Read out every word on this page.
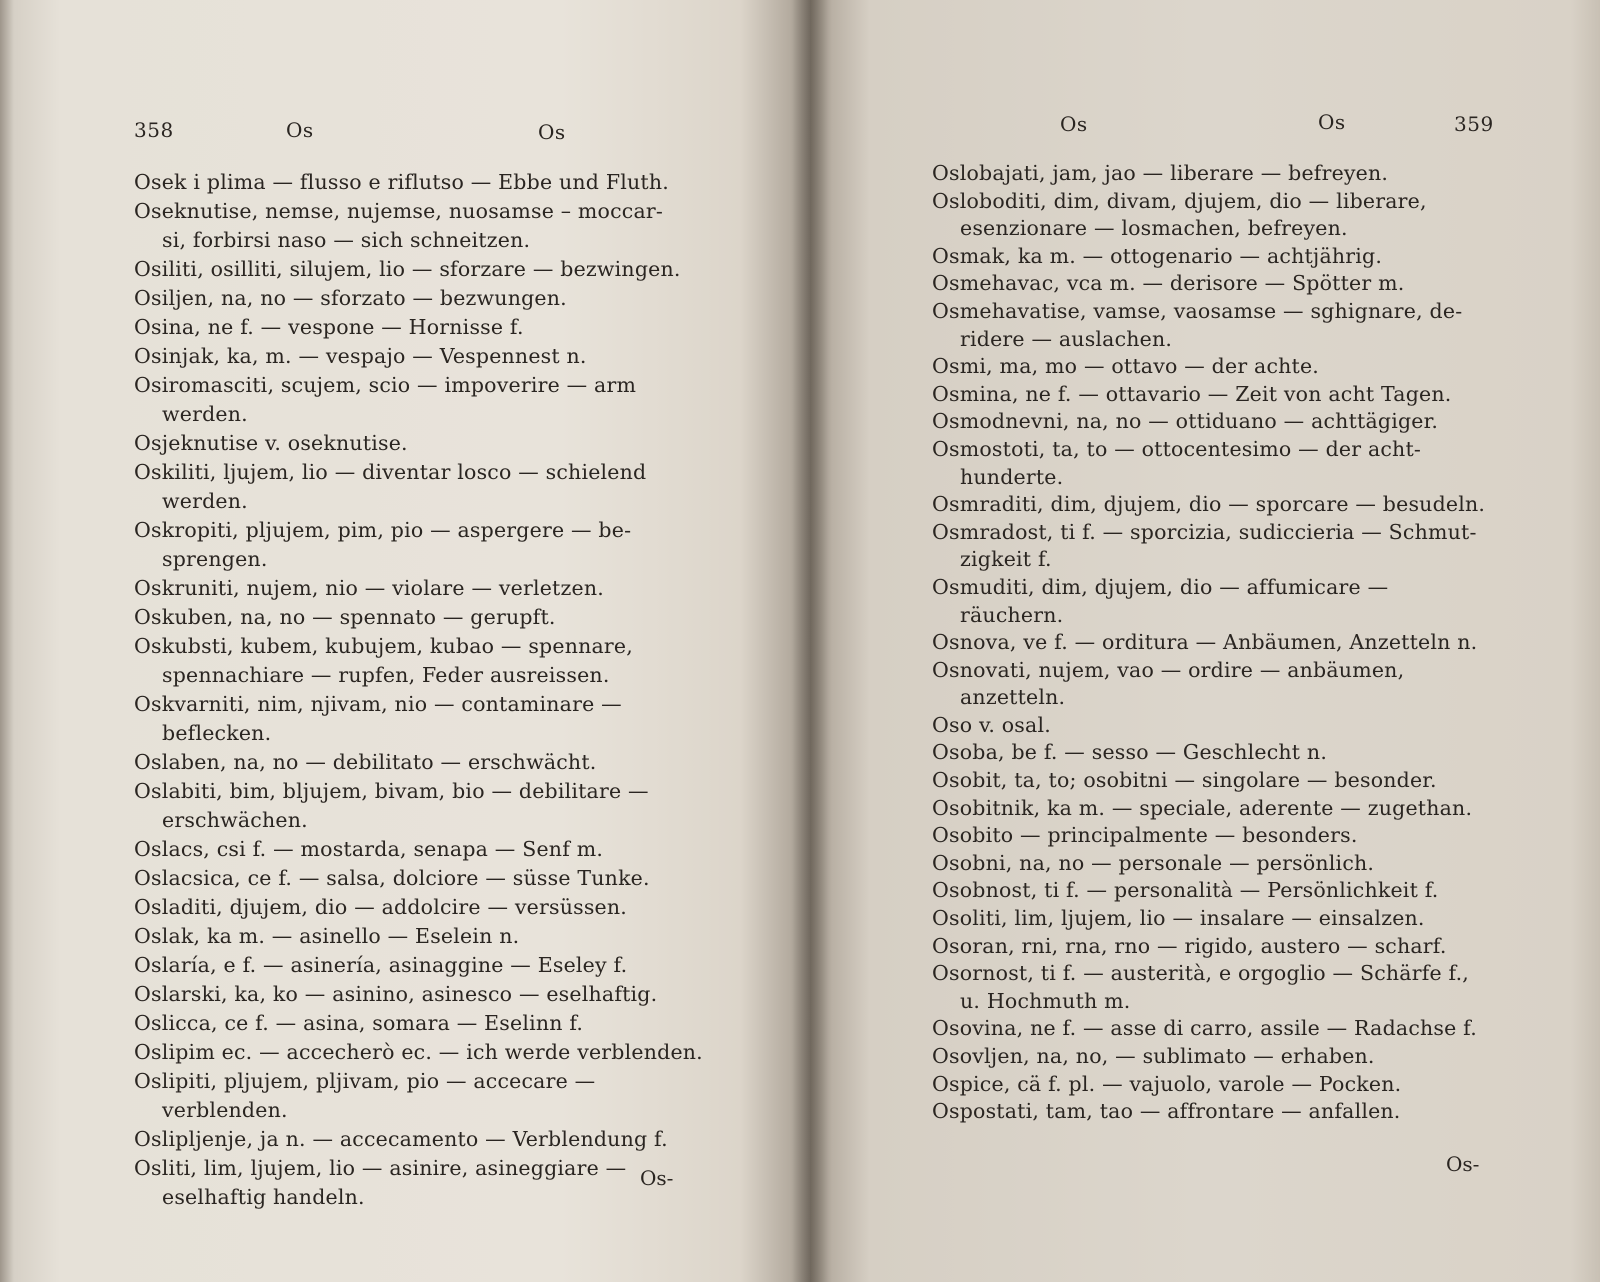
358	Os	Os
Osek i plima — flusso e riflutso — Ebbe und Fluth.
Oseknutise, nemse, nujemse, nuosamse – moccar-
si, forbirsi naso — sich schneitzen.
Osiliti, osilliti, silujem, lio — sforzare — bezwingen.
Osiljen, na, no — sforzato — bezwungen.
Osina, ne f. — vespone — Hornisse f.
Osinjak, ka, m. — vespajo — Vespennest n.
Osiromasciti, scujem, scio — impoverire — arm
werden.
Osjeknutise v. oseknutise.
Oskiliti, ljujem, lio — diventar losco — schielend
werden.
Oskropiti, pljujem, pim, pio — aspergere — be-
sprengen.
Oskruniti, nujem, nio — violare — verletzen.
Oskuben, na, no — spennato — gerupft.
Oskubsti, kubem, kubujem, kubao — spennare,
spennachiare — rupfen, Feder ausreissen.
Oskvarniti, nim, njivam, nio — contaminare —
beflecken.
Oslaben, na, no — debilitato — erschwächt.
Oslabiti, bim, bljujem, bivam, bio — debilitare —
erschwächen.
Oslacs, csi f. — mostarda, senapa — Senf m.
Oslacsica, ce f. — salsa, dolciore — süsse Tunke.
Osladiti, djujem, dio — addolcire — versüssen.
Oslak, ka m. — asinello — Eselein n.
Oslaría, e f. — asinería, asinaggine — Eseley f.
Oslarski, ka, ko — asinino, asinesco — eselhaftig.
Oslicca, ce f. — asina, somara — Eselinn f.
Oslipim ec. — accecherò ec. — ich werde verblenden.
Oslipiti, pljujem, pljivam, pio — accecare —
verblenden.
Oslipljenje, ja n. — accecamento — Verblendung f.
Osliti, lim, ljujem, lio — asinire, asineggiare —
eselhaftig handeln.
Os-
Os	Os	359
Oslobajati, jam, jao — liberare — befreyen.
Osloboditi, dim, divam, djujem, dio — liberare,
esenzionare — losmachen, befreyen.
Osmak, ka m. — ottogenario — achtjährig.
Osmehavac, vca m. — derisore — Spötter m.
Osmehavatise, vamse, vaosamse — sghignare, de-
ridere — auslachen.
Osmi, ma, mo — ottavo — der achte.
Osmina, ne f. — ottavario — Zeit von acht Tagen.
Osmodnevni, na, no — ottiduano — achttägiger.
Osmostoti, ta, to — ottocentesimo — der acht-
hunderte.
Osmraditi, dim, djujem, dio — sporcare — besudeln.
Osmradost, ti f. — sporcizia, sudiccieria — Schmut-
zigkeit f.
Osmuditi, dim, djujem, dio — affumicare —
räuchern.
Osnova, ve f. — orditura — Anbäumen, Anzetteln n.
Osnovati, nujem, vao — ordire — anbäumen,
anzetteln.
Oso v. osal.
Osoba, be f. — sesso — Geschlecht n.
Osobit, ta, to; osobitni — singolare — besonder.
Osobitnik, ka m. — speciale, aderente — zugethan.
Osobito — principalmente — besonders.
Osobni, na, no — personale — persönlich.
Osobnost, ti f. — personalità — Persönlichkeit f.
Osoliti, lim, ljujem, lio — insalare — einsalzen.
Osoran, rni, rna, rno — rigido, austero — scharf.
Osornost, ti f. — austerità, e orgoglio — Schärfe f.,
u. Hochmuth m.
Osovina, ne f. — asse di carro, assile — Radachse f.
Osovljen, na, no, — sublimato — erhaben.
Ospice, cä f. pl. — vajuolo, varole — Pocken.
Ospostati, tam, tao — affrontare — anfallen.
Os-
